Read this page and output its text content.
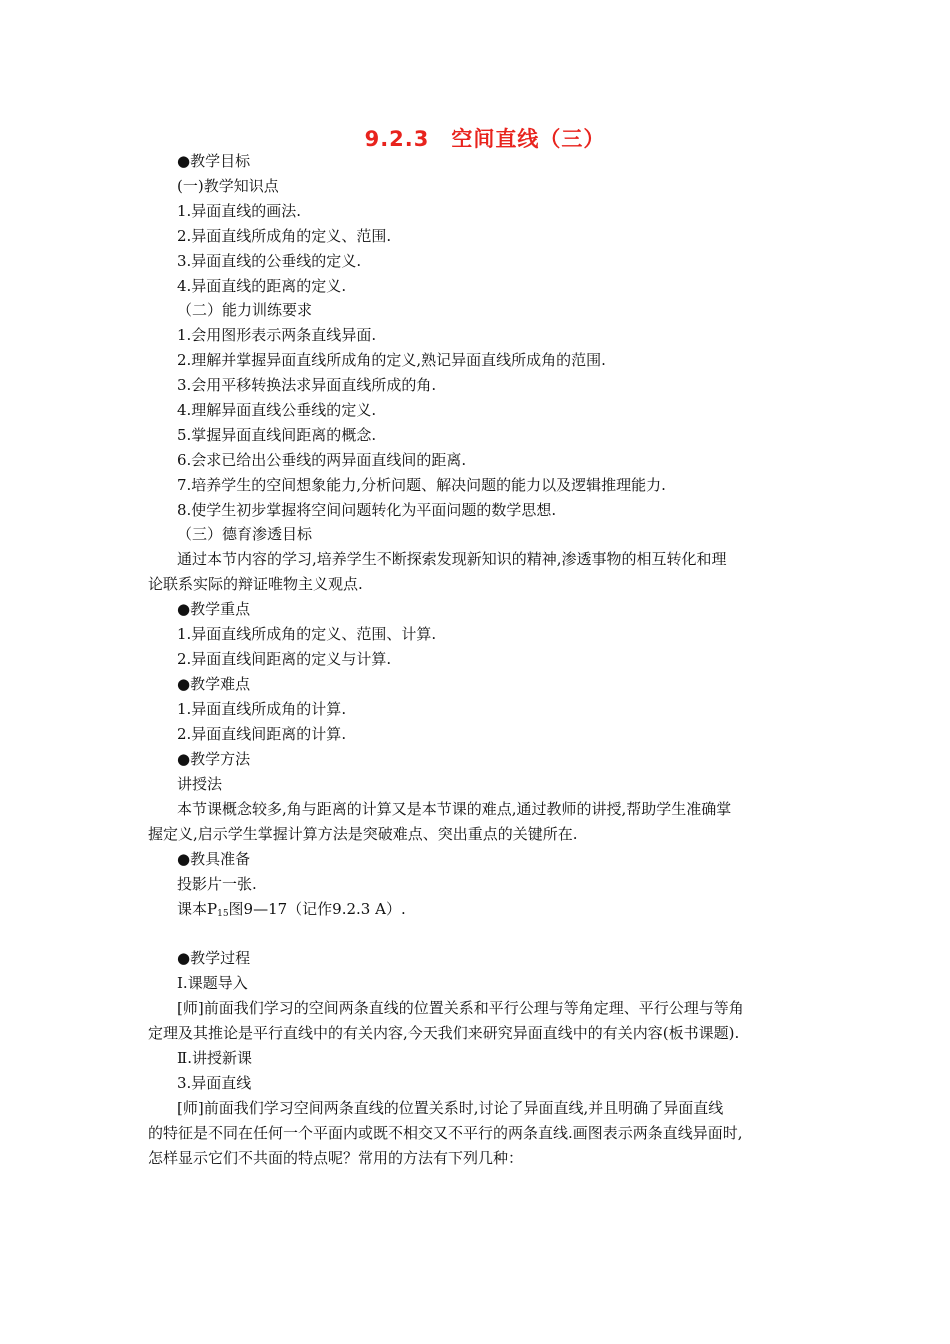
9.2.3　空间直线（三）
●教学目标
(一)教学知识点
1.异面直线的画法.
2.异面直线所成角的定义、范围.
3.异面直线的公垂线的定义.
4.异面直线的距离的定义.
（二）能力训练要求
1.会用图形表示两条直线异面.
2.理解并掌握异面直线所成角的定义,熟记异面直线所成角的范围.
3.会用平移转换法求异面直线所成的角.
4.理解异面直线公垂线的定义.
5.掌握异面直线间距离的概念.
6.会求已给出公垂线的两异面直线间的距离.
7.培养学生的空间想象能力,分析问题、解决问题的能力以及逻辑推理能力.
8.使学生初步掌握将空间问题转化为平面问题的数学思想.
（三）德育渗透目标
通过本节内容的学习,培养学生不断探索发现新知识的精神,渗透事物的相互转化和理
论联系实际的辩证唯物主义观点.
●教学重点
1.异面直线所成角的定义、范围、计算.
2.异面直线间距离的定义与计算.
●教学难点
1.异面直线所成角的计算.
2.异面直线间距离的计算.
●教学方法
讲授法
本节课概念较多,角与距离的计算又是本节课的难点,通过教师的讲授,帮助学生准确掌
握定义,启示学生掌握计算方法是突破难点、突出重点的关键所在.
●教具准备
投影片一张.
课本$P_{15}$图9—17（记作9.2.3 A）.
●教学过程
Ⅰ.课题导入
[师]前面我们学习的空间两条直线的位置关系和平行公理与等角定理、平行公理与等角
定理及其推论是平行直线中的有关内容,今天我们来研究异面直线中的有关内容(板书课题).
Ⅱ.讲授新课
3.异面直线
[师]前面我们学习空间两条直线的位置关系时,讨论了异面直线,并且明确了异面直线
的特征是不同在任何一个平面内或既不相交又不平行的两条直线.画图表示两条直线异面时,
怎样显示它们不共面的特点呢？常用的方法有下列几种：
